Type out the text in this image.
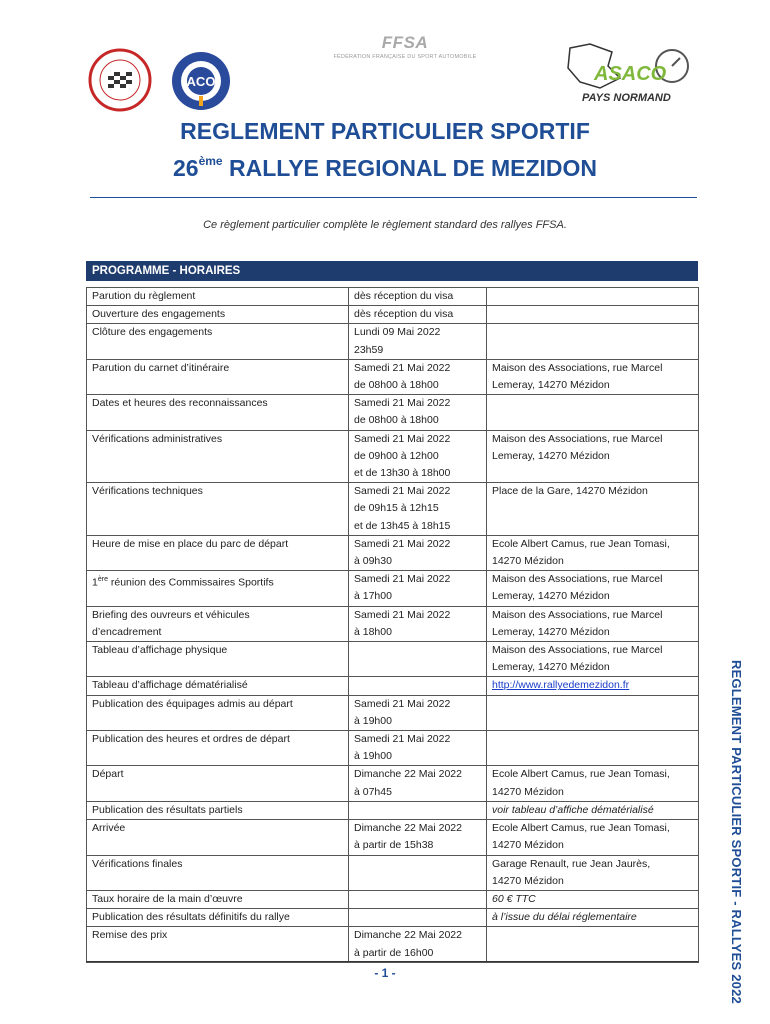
ACO
FFSA
FÉDÉRATION FRANÇAISE DU SPORT AUTOMOBILE
ASACO
PAYS NORMAND
REGLEMENT PARTICULIER SPORTIF
26ème RALLYE REGIONAL DE MEZIDON
Ce règlement particulier complète le règlement standard des rallyes FFSA.
PROGRAMME - HORAIRES
Parution du règlement	dès réception du visa	

Ouverture des engagements	dès réception du visa	

Clôture des engagements	Lundi 09 Mai 2022
23h59	

Parution du carnet d’itinéraire	Samedi 21 Mai 2022
de 08h00 à 18h00	Maison des Associations, rue Marcel
Lemeray, 14270 Mézidon

Dates et heures des reconnaissances	Samedi 21 Mai 2022
de 08h00 à 18h00	

Vérifications administratives	Samedi 21 Mai 2022
de 09h00 à 12h00
et de 13h30 à 18h00	Maison des Associations, rue Marcel
Lemeray, 14270 Mézidon

Vérifications techniques	Samedi 21 Mai 2022
de 09h15 à 12h15
et de 13h45 à 18h15	Place de la Gare, 14270 Mézidon

Heure de mise en place du parc de départ	Samedi 21 Mai 2022
à 09h30	Ecole Albert Camus, rue Jean Tomasi,
14270 Mézidon

1ère réunion des Commissaires Sportifs	Samedi 21 Mai 2022
à 17h00	Maison des Associations, rue Marcel
Lemeray, 14270 Mézidon

Briefing des ouvreurs et véhicules
d’encadrement	Samedi 21 Mai 2022
à 18h00	Maison des Associations, rue Marcel
Lemeray, 14270 Mézidon

Tableau d’affichage physique		Maison des Associations, rue Marcel
Lemeray, 14270 Mézidon

Tableau d’affichage dématérialisé		http://www.rallyedemezidon.fr

Publication des équipages admis au départ	Samedi 21 Mai 2022
à 19h00	

Publication des heures et ordres de départ	Samedi 21 Mai 2022
à 19h00	

Départ	Dimanche 22 Mai 2022
à 07h45	Ecole Albert Camus, rue Jean Tomasi,
14270 Mézidon

Publication des résultats partiels		voir tableau d’affiche dématérialisé

Arrivée	Dimanche 22 Mai 2022
à partir de 15h38	Ecole Albert Camus, rue Jean Tomasi,
14270 Mézidon

Vérifications finales		Garage Renault, rue Jean Jaurès,
14270 Mézidon

Taux horaire de la main d’œuvre		60 € TTC

Publication des résultats définitifs du rallye		à l’issue du délai réglementaire

Remise des prix	Dimanche 22 Mai 2022
à partir de 16h00	

- 1 -	REGLEMENT PARTICULIER SPORTIF - RALLYES 2022
